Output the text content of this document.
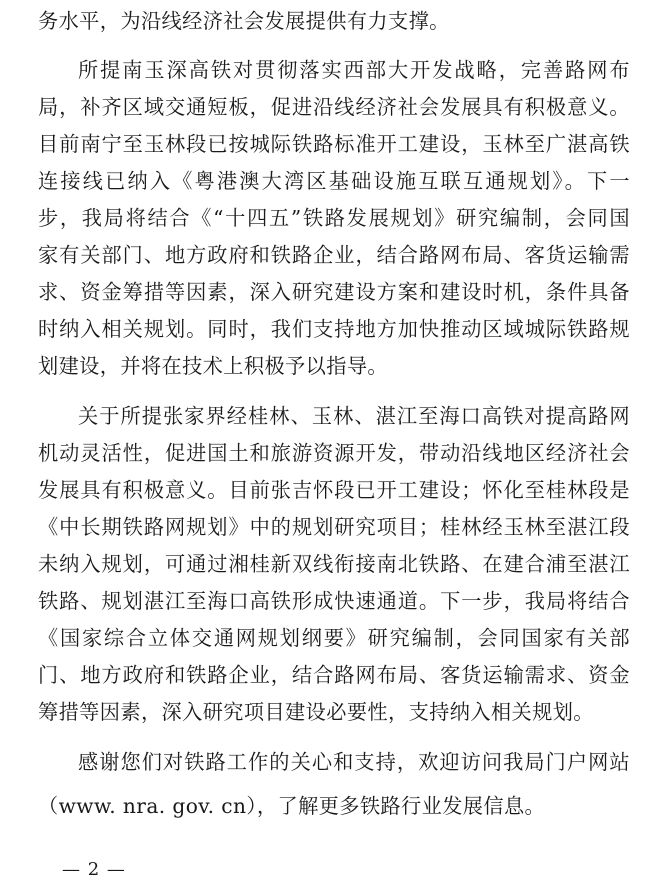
务水平，为沿线经济社会发展提供有力支撑。
所提南玉深高铁对贯彻落实西部大开发战略，完善路网布
局，补齐区域交通短板，促进沿线经济社会发展具有积极意义。
目前南宁至玉林段已按城际铁路标准开工建设，玉林至广湛高铁
连接线已纳入《粤港澳大湾区基础设施互联互通规划》。下一
步，我局将结合《“十四五”铁路发展规划》研究编制，会同国
家有关部门、地方政府和铁路企业，结合路网布局、客货运输需
求、资金筹措等因素，深入研究建设方案和建设时机，条件具备
时纳入相关规划。同时，我们支持地方加快推动区域城际铁路规
划建设，并将在技术上积极予以指导。
关于所提张家界经桂林、玉林、湛江至海口高铁对提高路网
机动灵活性，促进国土和旅游资源开发，带动沿线地区经济社会
发展具有积极意义。目前张吉怀段已开工建设；怀化至桂林段是
《中长期铁路网规划》中的规划研究项目；桂林经玉林至湛江段
未纳入规划，可通过湘桂新双线衔接南北铁路、在建合浦至湛江
铁路、规划湛江至海口高铁形成快速通道。下一步，我局将结合
《国家综合立体交通网规划纲要》研究编制，会同国家有关部
门、地方政府和铁路企业，结合路网布局、客货运输需求、资金
筹措等因素，深入研究项目建设必要性，支持纳入相关规划。
感谢您们对铁路工作的关心和支持，欢迎访问我局门户网站
（www. nra. gov. cn），了解更多铁路行业发展信息。
— 2 —
